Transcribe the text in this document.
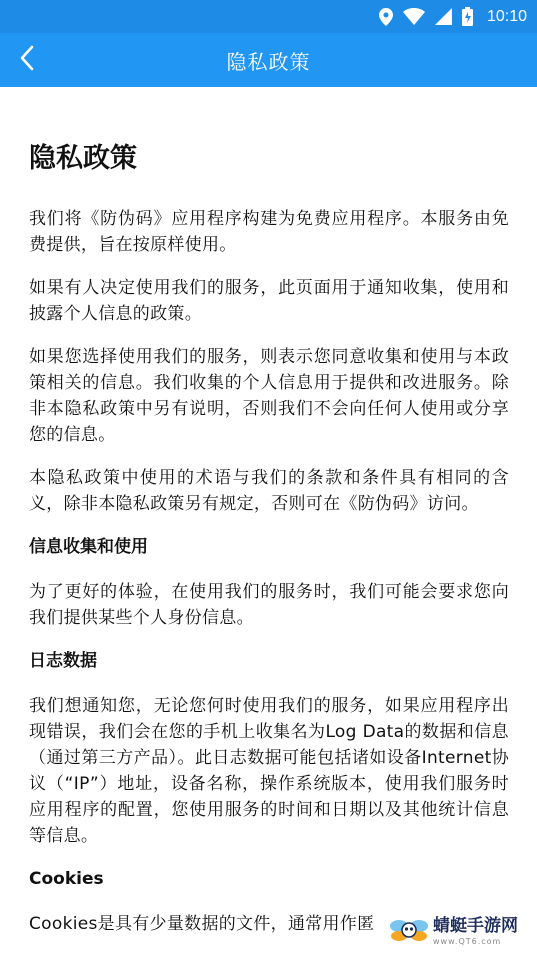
10:10
隐私政策
隐私政策

我们将《防伪码》应用程序构建为免费应用程序。本服务由免费提供，旨在按原样使用。

如果有人决定使用我们的服务，此页面用于通知收集，使用和披露个人信息的政策。

如果您选择使用我们的服务，则表示您同意收集和使用与本政策相关的信息。我们收集的个人信息用于提供和改进服务。除非本隐私政策中另有说明，否则我们不会向任何人使用或分享您的信息。

本隐私政策中使用的术语与我们的条款和条件具有相同的含义，除非本隐私政策另有规定，否则可在《防伪码》访问。

信息收集和使用

为了更好的体验，在使用我们的服务时，我们可能会要求您向我们提供某些个人身份信息。

日志数据

我们想通知您，无论您何时使用我们的服务，如果应用程序出现错误，我们会在您的手机上收集名为Log Data的数据和信息（通过第三方产品）。此日志数据可能包括诸如设备Internet协议（“IP”）地址，设备名称，操作系统版本，使用我们服务时应用程序的配置，您使用服务的时间和日期以及其他统计信息等信息。

Cookies

Cookies是具有少量数据的文件，通常用作匿	蜻蜓手游网
www.QT6.com
